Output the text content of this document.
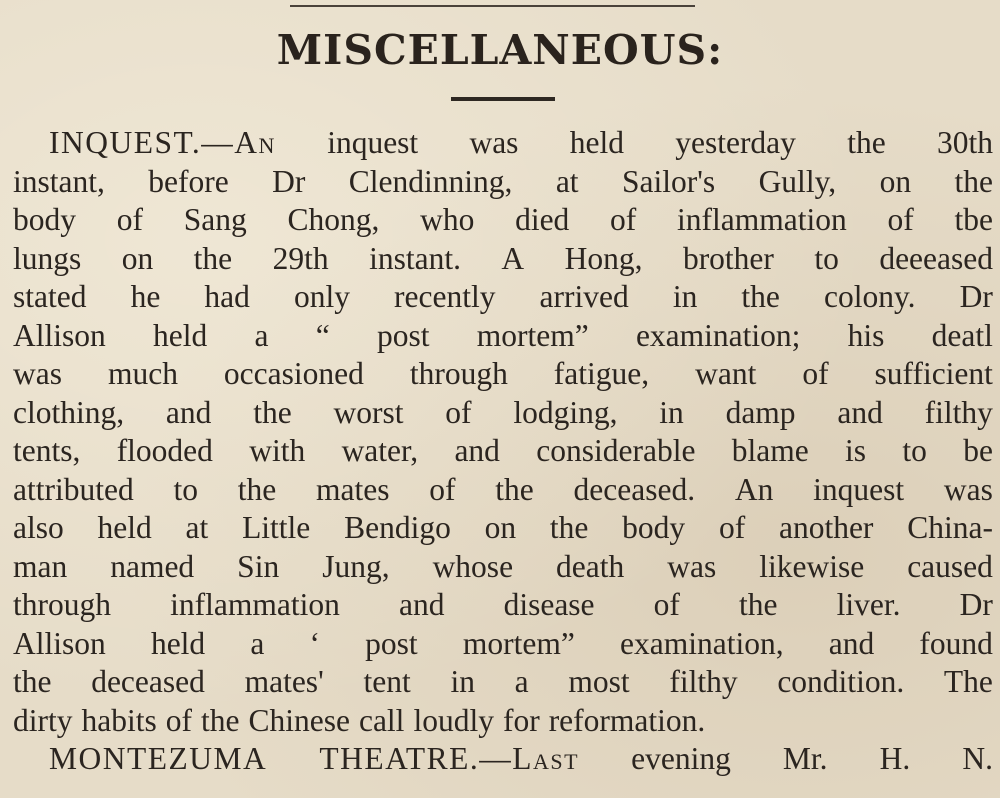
MISCELLANEOUS:
INQUEST.—An inquest was held yesterday the 30th
instant, before Dr Clendinning, at Sailor's Gully, on the
body of Sang Chong, who died of inflammation of tbe
lungs on the 29th instant. A Hong, brother to deeeased
stated he had only recently arrived in the colony. Dr
Allison held a “ post mortem” examination; his deatl
was much occasioned through fatigue, want of sufficient
clothing, and the worst of lodging, in damp and filthy
tents, flooded with water, and considerable blame is to be
attributed to the mates of the deceased. An inquest was
also held at Little Bendigo on the body of another China-
man named Sin Jung, whose death was likewise caused
through inflammation and disease of the liver. Dr
Allison held a ‘ post mortem” examination, and found
the deceased mates' tent in a most filthy condition. The
dirty habits of the Chinese call loudly for reformation.
MONTEZUMA THEATRE.—Last evening Mr. H. N.
